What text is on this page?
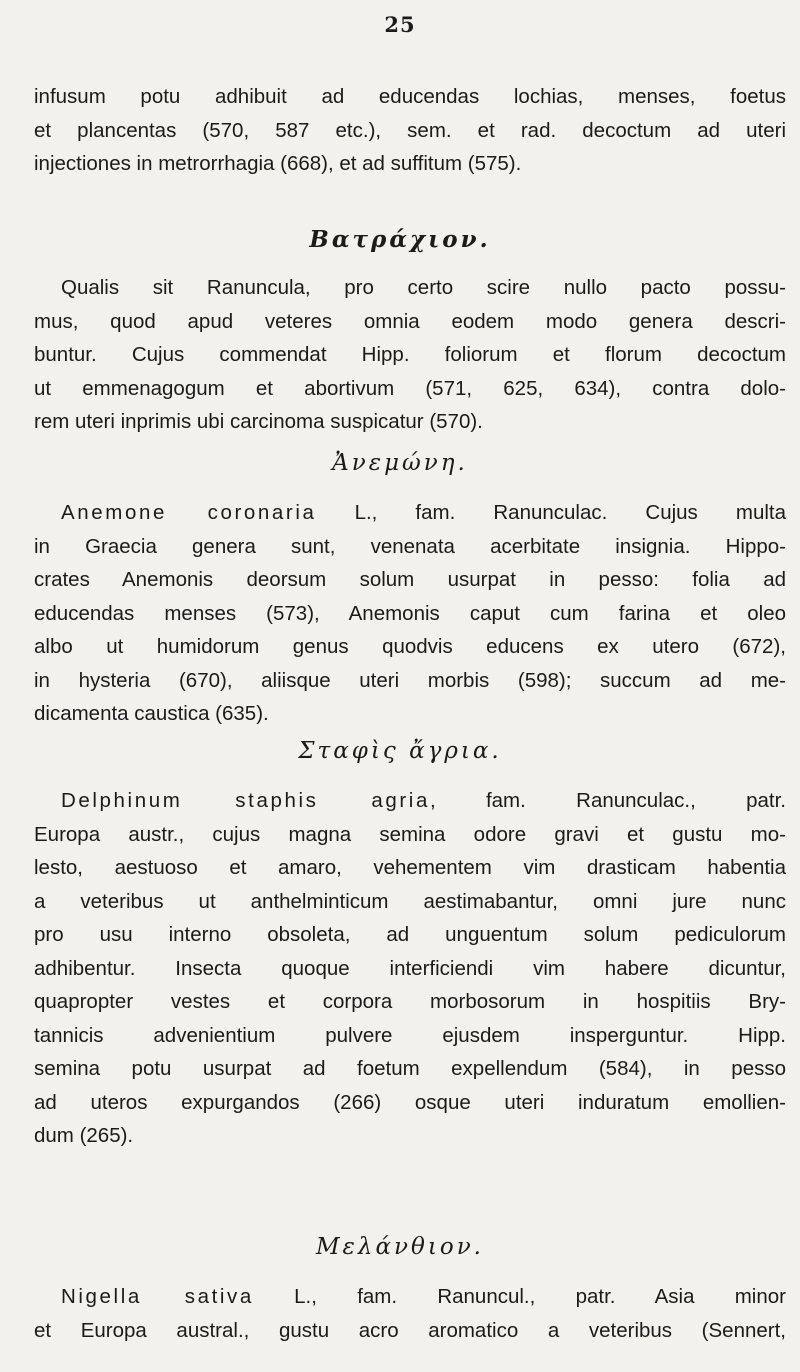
25
infusum potu adhibuit ad educendas lochias, menses, foetus
et plancentas (570, 587 etc.), sem. et rad. decoctum ad uteri
injectiones in metrorrhagia (668), et ad suffitum (575).
Βατράχιον.
Qualis sit Ranuncula, pro certo scire nullo pacto possu-
mus, quod apud veteres omnia eodem modo genera descri-
buntur. Cujus commendat Hipp. foliorum et florum decoctum
ut emmenagogum et abortivum (571, 625, 634), contra dolo-
rem uteri inprimis ubi carcinoma suspicatur (570).
Ἀνεμώνη.
Anemone coronaria L., fam. Ranunculac. Cujus multa
in Graecia genera sunt, venenata acerbitate insignia. Hippo-
crates Anemonis deorsum solum usurpat in pesso: folia ad
educendas menses (573), Anemonis caput cum farina et oleo
albo ut humidorum genus quodvis educens ex utero (672),
in hysteria (670), aliisque uteri morbis (598); succum ad me-
dicamenta caustica (635).
Σταφὶς ἄγρια.
Delphinum staphis agria, fam. Ranunculac., patr.
Europa austr., cujus magna semina odore gravi et gustu mo-
lesto, aestuoso et amaro, vehementem vim drasticam habentia
a veteribus ut anthelminticum aestimabantur, omni jure nunc
pro usu interno obsoleta, ad unguentum solum pediculorum
adhibentur. Insecta quoque interficiendi vim habere dicuntur,
quapropter vestes et corpora morbosorum in hospitiis Bry-
tannicis advenientium pulvere ejusdem insperguntur. Hipp.
semina potu usurpat ad foetum expellendum (584), in pesso
ad uteros expurgandos (266) osque uteri induratum emollien-
dum (265).
Μελάνθιον.
Nigella sativa L., fam. Ranuncul., patr. Asia minor
et Europa austral., gustu acro aromatico a veteribus (Sennert,
